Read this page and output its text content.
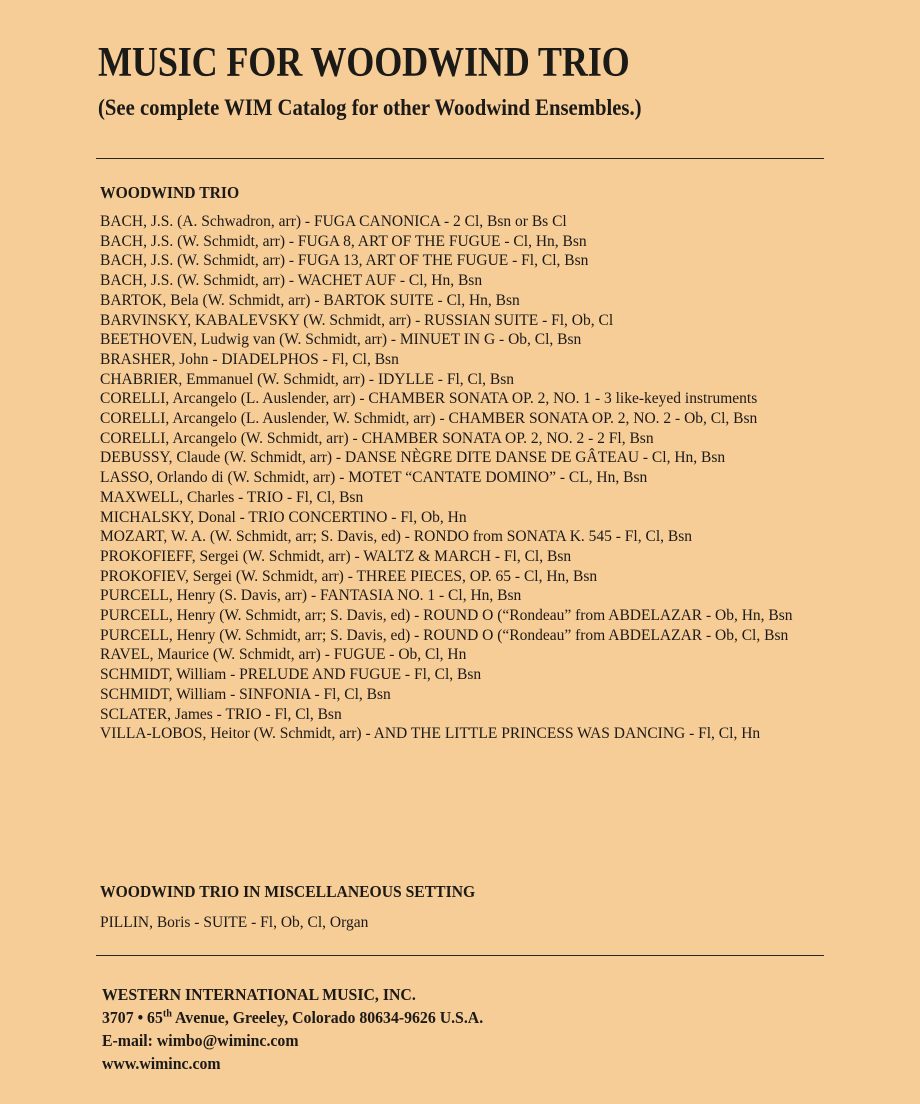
MUSIC FOR WOODWIND TRIO
(See complete WIM Catalog for other Woodwind Ensembles.)
WOODWIND TRIO
BACH, J.S. (A. Schwadron, arr) - FUGA CANONICA - 2 Cl, Bsn or Bs Cl
BACH, J.S. (W. Schmidt, arr) - FUGA 8, ART OF THE FUGUE - Cl, Hn, Bsn
BACH, J.S. (W. Schmidt, arr) - FUGA 13, ART OF THE FUGUE - Fl, Cl, Bsn
BACH, J.S. (W. Schmidt, arr) - WACHET AUF - Cl, Hn, Bsn
BARTOK, Bela (W. Schmidt, arr) - BARTOK SUITE - Cl, Hn, Bsn
BARVINSKY, KABALEVSKY (W. Schmidt, arr) - RUSSIAN SUITE - Fl, Ob, Cl
BEETHOVEN, Ludwig van (W. Schmidt, arr) - MINUET IN G - Ob, Cl, Bsn
BRASHER, John - DIADELPHOS - Fl, Cl, Bsn
CHABRIER, Emmanuel (W. Schmidt, arr) - IDYLLE - Fl, Cl, Bsn
CORELLI, Arcangelo (L. Auslender, arr) - CHAMBER SONATA OP. 2, NO. 1 - 3 like-keyed instruments
CORELLI, Arcangelo (L. Auslender, W. Schmidt, arr) - CHAMBER SONATA OP. 2, NO. 2 - Ob, Cl, Bsn
CORELLI, Arcangelo (W. Schmidt, arr) - CHAMBER SONATA OP. 2, NO. 2 - 2 Fl, Bsn
DEBUSSY, Claude (W. Schmidt, arr) - DANSE NÈGRE DITE DANSE DE GÂTEAU - Cl, Hn, Bsn
LASSO, Orlando di (W. Schmidt, arr) - MOTET “CANTATE DOMINO” - CL, Hn, Bsn
MAXWELL, Charles - TRIO - Fl, Cl, Bsn
MICHALSKY, Donal - TRIO CONCERTINO - Fl, Ob, Hn
MOZART, W. A. (W. Schmidt, arr; S. Davis, ed) - RONDO from SONATA K. 545 - Fl, Cl, Bsn
PROKOFIEFF, Sergei (W. Schmidt, arr) - WALTZ & MARCH - Fl, Cl, Bsn
PROKOFIEV, Sergei (W. Schmidt, arr) - THREE PIECES, OP. 65 - Cl, Hn, Bsn
PURCELL, Henry (S. Davis, arr) - FANTASIA NO. 1 - Cl, Hn, Bsn
PURCELL, Henry (W. Schmidt, arr; S. Davis, ed) - ROUND O (“Rondeau” from ABDELAZAR - Ob, Hn, Bsn
PURCELL, Henry (W. Schmidt, arr; S. Davis, ed) - ROUND O (“Rondeau” from ABDELAZAR - Ob, Cl, Bsn
RAVEL, Maurice (W. Schmidt, arr) - FUGUE - Ob, Cl, Hn
SCHMIDT, William - PRELUDE AND FUGUE - Fl, Cl, Bsn
SCHMIDT, William - SINFONIA - Fl, Cl, Bsn
SCLATER, James - TRIO - Fl, Cl, Bsn
VILLA-LOBOS, Heitor (W. Schmidt, arr) - AND THE LITTLE PRINCESS WAS DANCING - Fl, Cl, Hn
WOODWIND TRIO IN MISCELLANEOUS SETTING
PILLIN, Boris - SUITE - Fl, Ob, Cl, Organ
WESTERN INTERNATIONAL MUSIC, INC.
3707 • 65th Avenue, Greeley, Colorado 80634-9626 U.S.A.
E-mail: wimbo@wiminc.com
www.wiminc.com
